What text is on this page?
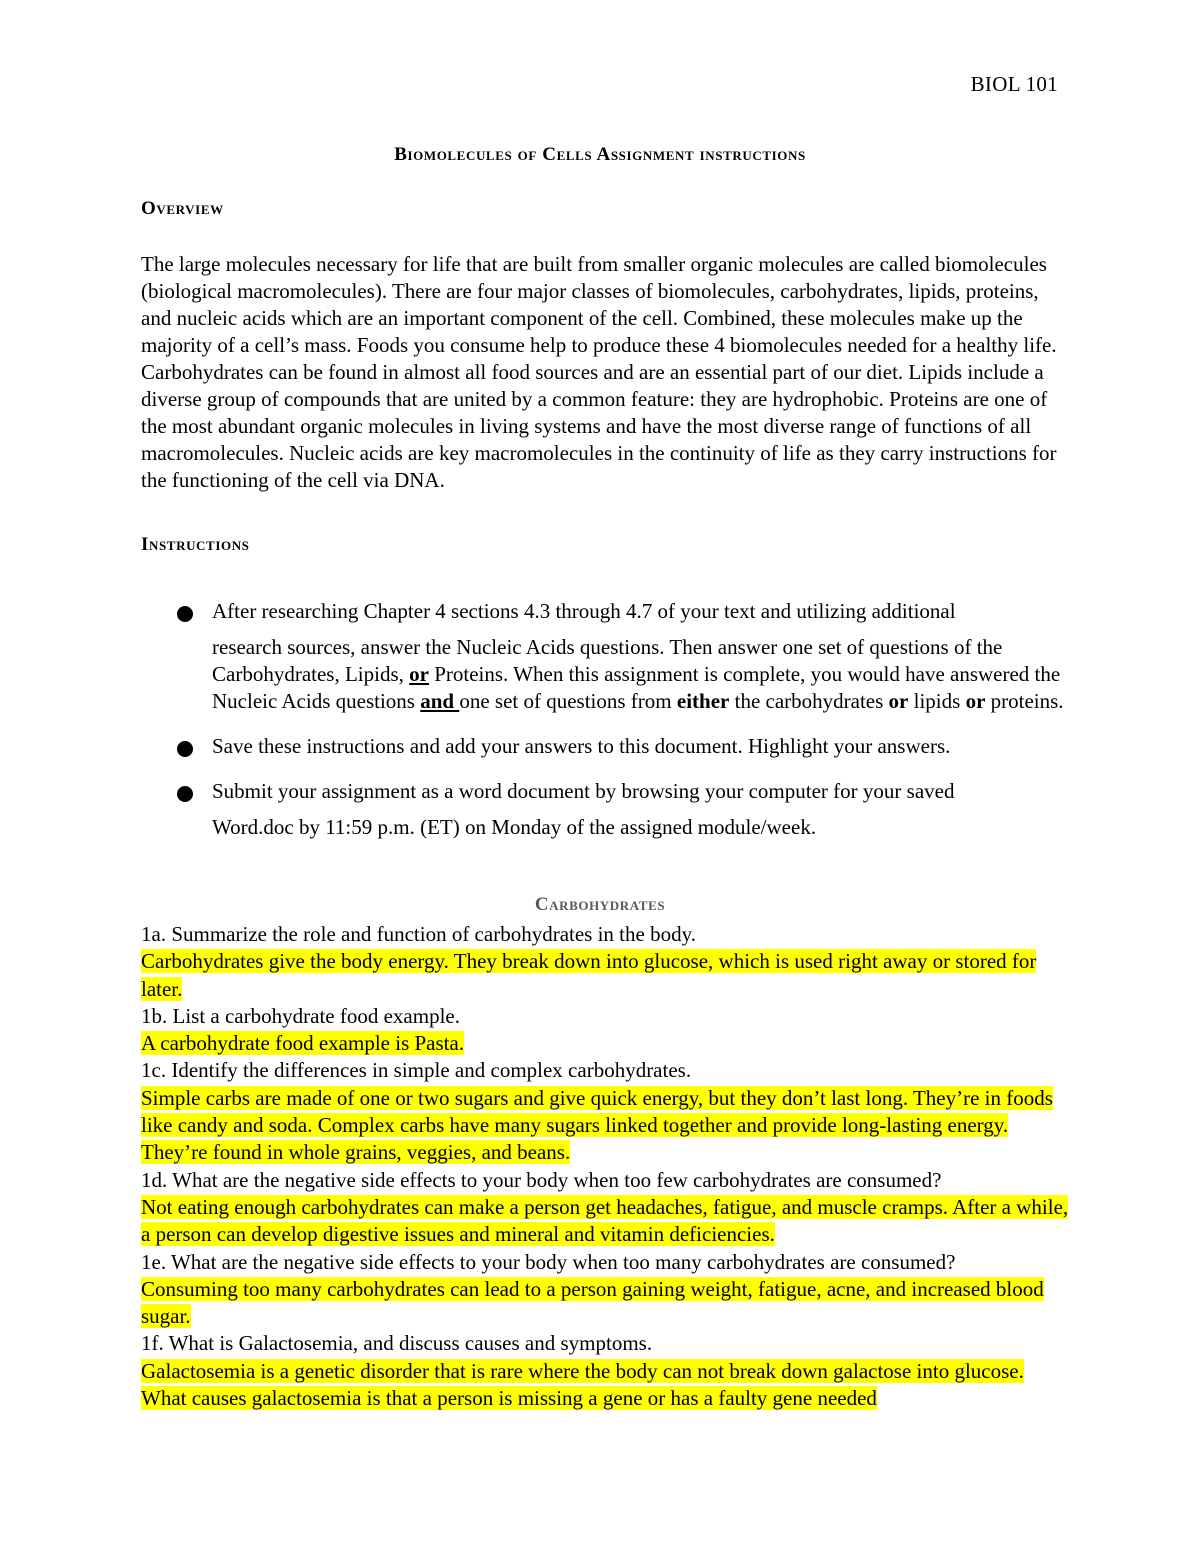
BIOL 101
Biomolecules of Cells Assignment instructions
Overview
The large molecules necessary for life that are built from smaller organic molecules are called biomolecules (biological macromolecules). There are four major classes of biomolecules, carbohydrates, lipids, proteins, and nucleic acids which are an important component of the cell. Combined, these molecules make up the majority of a cell’s mass. Foods you consume help to produce these 4 biomolecules needed for a healthy life. Carbohydrates can be found in almost all food sources and are an essential part of our diet. Lipids include a diverse group of compounds that are united by a common feature: they are hydrophobic. Proteins are one of the most abundant organic molecules in living systems and have the most diverse range of functions of all macromolecules. Nucleic acids are key macromolecules in the continuity of life as they carry instructions for the functioning of the cell via DNA.
Instructions
After researching Chapter 4 sections 4.3 through 4.7 of your text and utilizing additional
research sources, answer the Nucleic Acids questions. Then answer one set of questions of the Carbohydrates, Lipids, or Proteins. When this assignment is complete, you would have answered the Nucleic Acids questions and one set of questions from either the carbohydrates or lipids or proteins.
Save these instructions and add your answers to this document. Highlight your answers.
Submit your assignment as a word document by browsing your computer for your saved
Word.doc by 11:59 p.m. (ET) on Monday of the assigned module/week.
Carbohydrates
1a. Summarize the role and function of carbohydrates in the body.
Carbohydrates give the body energy. They break down into glucose, which is used right away or stored for later.
1b. List a carbohydrate food example.
A carbohydrate food example is Pasta.
1c. Identify the differences in simple and complex carbohydrates.
Simple carbs are made of one or two sugars and give quick energy, but they don’t last long. They’re in foods like candy and soda. Complex carbs have many sugars linked together and provide long-lasting energy. They’re found in whole grains, veggies, and beans.
1d. What are the negative side effects to your body when too few carbohydrates are consumed?
Not eating enough carbohydrates can make a person get headaches, fatigue, and muscle cramps. After a while, a person can develop digestive issues and mineral and vitamin deficiencies.
1e. What are the negative side effects to your body when too many carbohydrates are consumed?
Consuming too many carbohydrates can lead to a person gaining weight, fatigue, acne, and increased blood sugar.
1f. What is Galactosemia, and discuss causes and symptoms.
Galactosemia is a genetic disorder that is rare where the body can not break down galactose into glucose. What causes galactosemia is that a person is missing a gene or has a faulty gene needed
